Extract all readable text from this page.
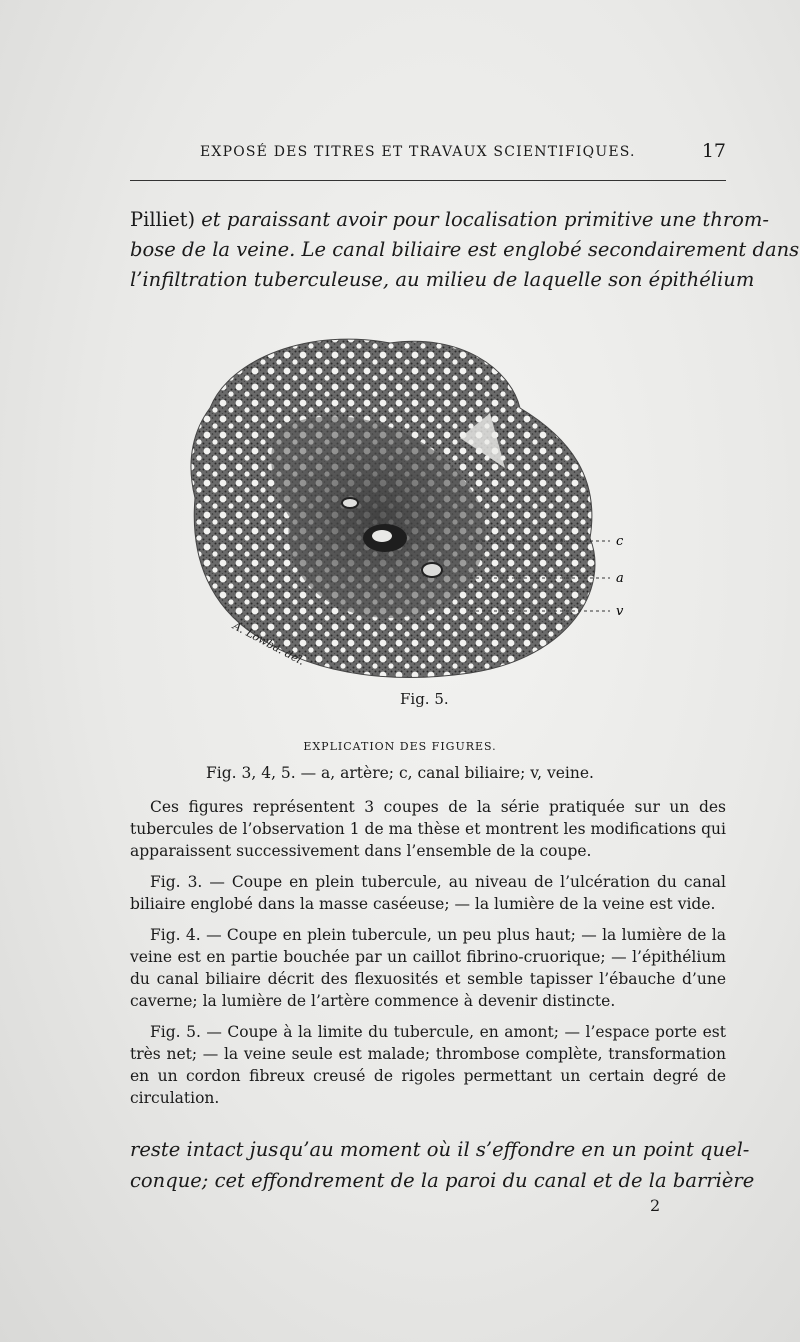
EXPOSÉ DES TITRES ET TRAVAUX SCIENTIFIQUES.	17
Pilliet) et paraissant avoir pour localisation primitive une throm-
bose de la veine. Le canal biliaire est englobé secondairement dans
l’infiltration tuberculeuse, au milieu de laquelle son épithélium
c
a
v
A. Lowba. del.
Fig. 5.
EXPLICATION DES FIGURES.
Fig. 3, 4, 5. — a, artère; c, canal biliaire; v, veine.

Ces figures représentent 3 coupes de la série pratiquée sur un des tubercules de l’observation 1 de ma thèse et montrent les modifications qui apparaissent successivement dans l’ensemble de la coupe.

Fig. 3. — Coupe en plein tubercule, au niveau de l’ulcération du canal biliaire englobé dans la masse caséeuse; — la lumière de la veine est vide.

Fig. 4. — Coupe en plein tubercule, un peu plus haut; — la lumière de la veine est en partie bouchée par un caillot fibrino-cruorique; — l’épithélium du canal biliaire décrit des flexuosités et semble tapisser l’ébauche d’une caverne; la lumière de l’artère commence à devenir distincte.

Fig. 5. — Coupe à la limite du tubercule, en amont; — l’espace porte est très net; — la veine seule est malade; thrombose complète, transformation en un cordon fibreux creusé de rigoles permettant un certain degré de circulation.

reste intact jusqu’au moment où il s’effondre en un point quel-
conque; cet effondrement de la paroi du canal et de la barrière
2
